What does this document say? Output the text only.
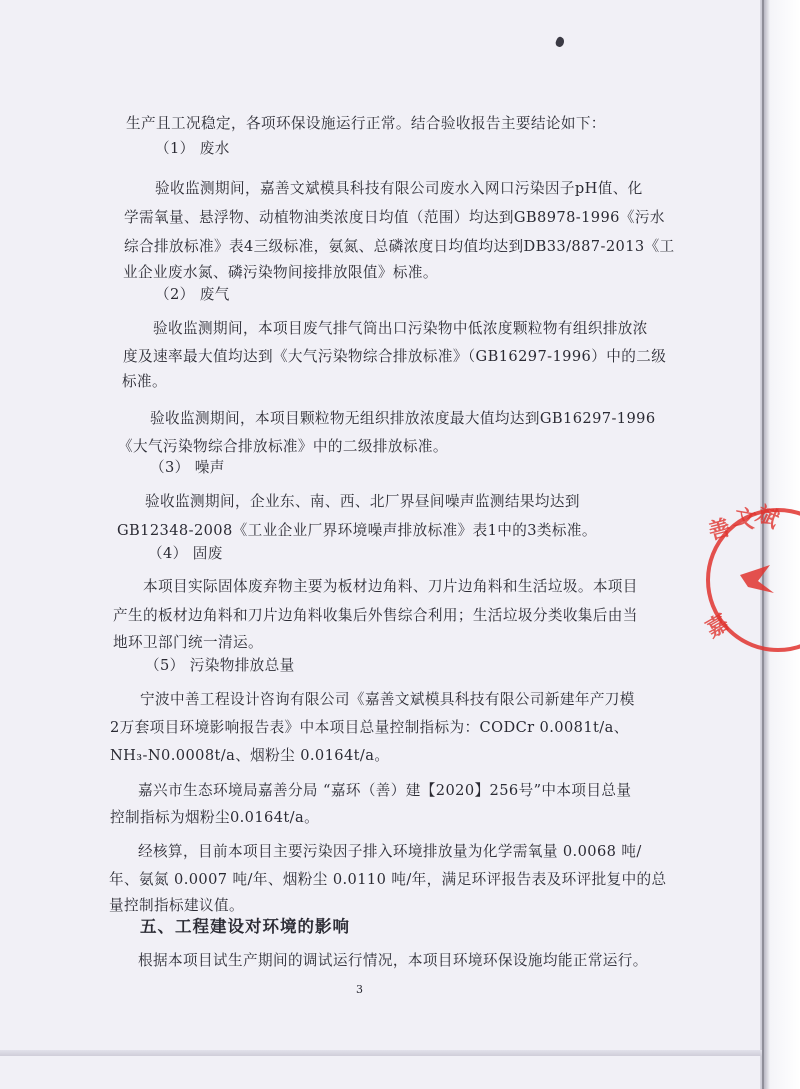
生产且工况稳定，各项环保设施运行正常。结合验收报告主要结论如下：
（1） 废水
验收监测期间，嘉善文斌模具科技有限公司废水入网口污染因子pH值、化
学需氧量、悬浮物、动植物油类浓度日均值（范围）均达到GB8978-1996《污水
综合排放标准》表4三级标准，氨氮、总磷浓度日均值均达到DB33/887-2013《工
业企业废水氮、磷污染物间接排放限值》标准。
（2） 废气
验收监测期间，本项目废气排气筒出口污染物中低浓度颗粒物有组织排放浓
度及速率最大值均达到《大气污染物综合排放标准》（GB16297-1996）中的二级
标准。
验收监测期间，本项目颗粒物无组织排放浓度最大值均达到GB16297-1996
《大气污染物综合排放标准》中的二级排放标准。
（3） 噪声
验收监测期间，企业东、南、西、北厂界昼间噪声监测结果均达到
GB12348-2008《工业企业厂界环境噪声排放标准》表1中的3类标准。
（4） 固废
本项目实际固体废弃物主要为板材边角料、刀片边角料和生活垃圾。本项目
产生的板材边角料和刀片边角料收集后外售综合利用；生活垃圾分类收集后由当
地环卫部门统一清运。
（5） 污染物排放总量
宁波中善工程设计咨询有限公司《嘉善文斌模具科技有限公司新建年产刀模
2万套项目环境影响报告表》中本项目总量控制指标为：CODCr 0.0081t/a、
NH₃-N0.0008t/a、烟粉尘 0.0164t/a。
嘉兴市生态环境局嘉善分局 “嘉环（善）建【2020】256号”中本项目总量
控制指标为烟粉尘0.0164t/a。
经核算，目前本项目主要污染因子排入环境排放量为化学需氧量 0.0068 吨/
年、氨氮 0.0007 吨/年、烟粉尘 0.0110 吨/年，满足环评报告表及环评批复中的总
量控制指标建议值。
五、工程建设对环境的影响
根据本项目试生产期间的调试运行情况，本项目环境环保设施均能正常运行。
3
善
文
斌
嘉
